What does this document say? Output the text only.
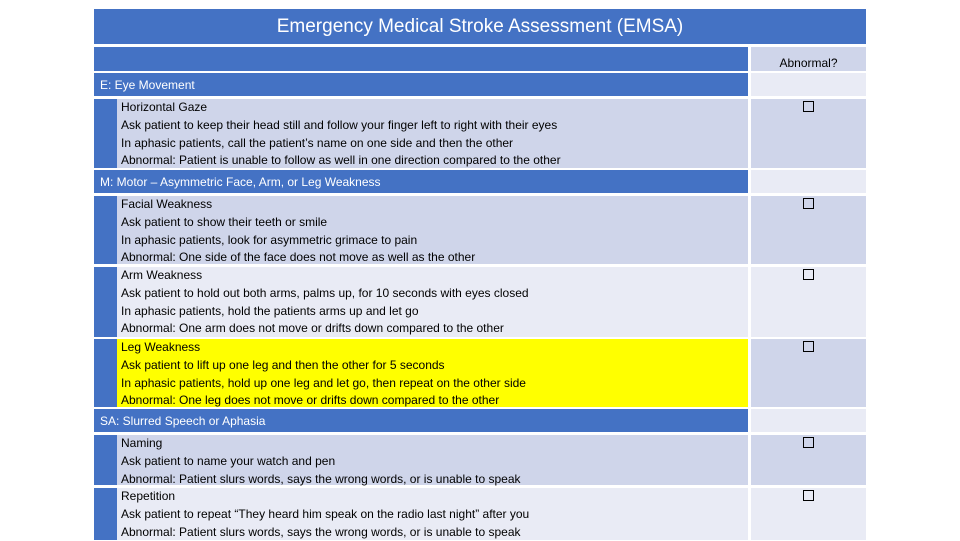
Emergency Medical Stroke Assessment (EMSA)
Abnormal?
E: Eye Movement
Horizontal Gaze
Ask patient to keep their head still and follow your finger left to right with their eyes
In aphasic patients, call the patient’s name on one side and then the other
Abnormal: Patient is unable to follow as well in one direction compared to the other
M: Motor – Asymmetric Face, Arm, or Leg Weakness
Facial Weakness
Ask patient to show their teeth or smile
In aphasic patients, look for asymmetric grimace to pain
Abnormal: One side of the face does not move as well as the other
Arm Weakness
Ask patient to hold out both arms, palms up, for 10 seconds with eyes closed
In aphasic patients, hold the patients arms up and let go
Abnormal: One arm does not move or drifts down compared to the other
Leg Weakness
Ask patient to lift up one leg and then the other for 5 seconds
In aphasic patients, hold up one leg and let go, then repeat on the other side
Abnormal: One leg does not move or drifts down compared to the other
SA: Slurred Speech or Aphasia
Naming
Ask patient to name your watch and pen
Abnormal: Patient slurs words, says the wrong words, or is unable to speak
Repetition
Ask patient to repeat “They heard him speak on the radio last night” after you
Abnormal: Patient slurs words, says the wrong words, or is unable to speak
